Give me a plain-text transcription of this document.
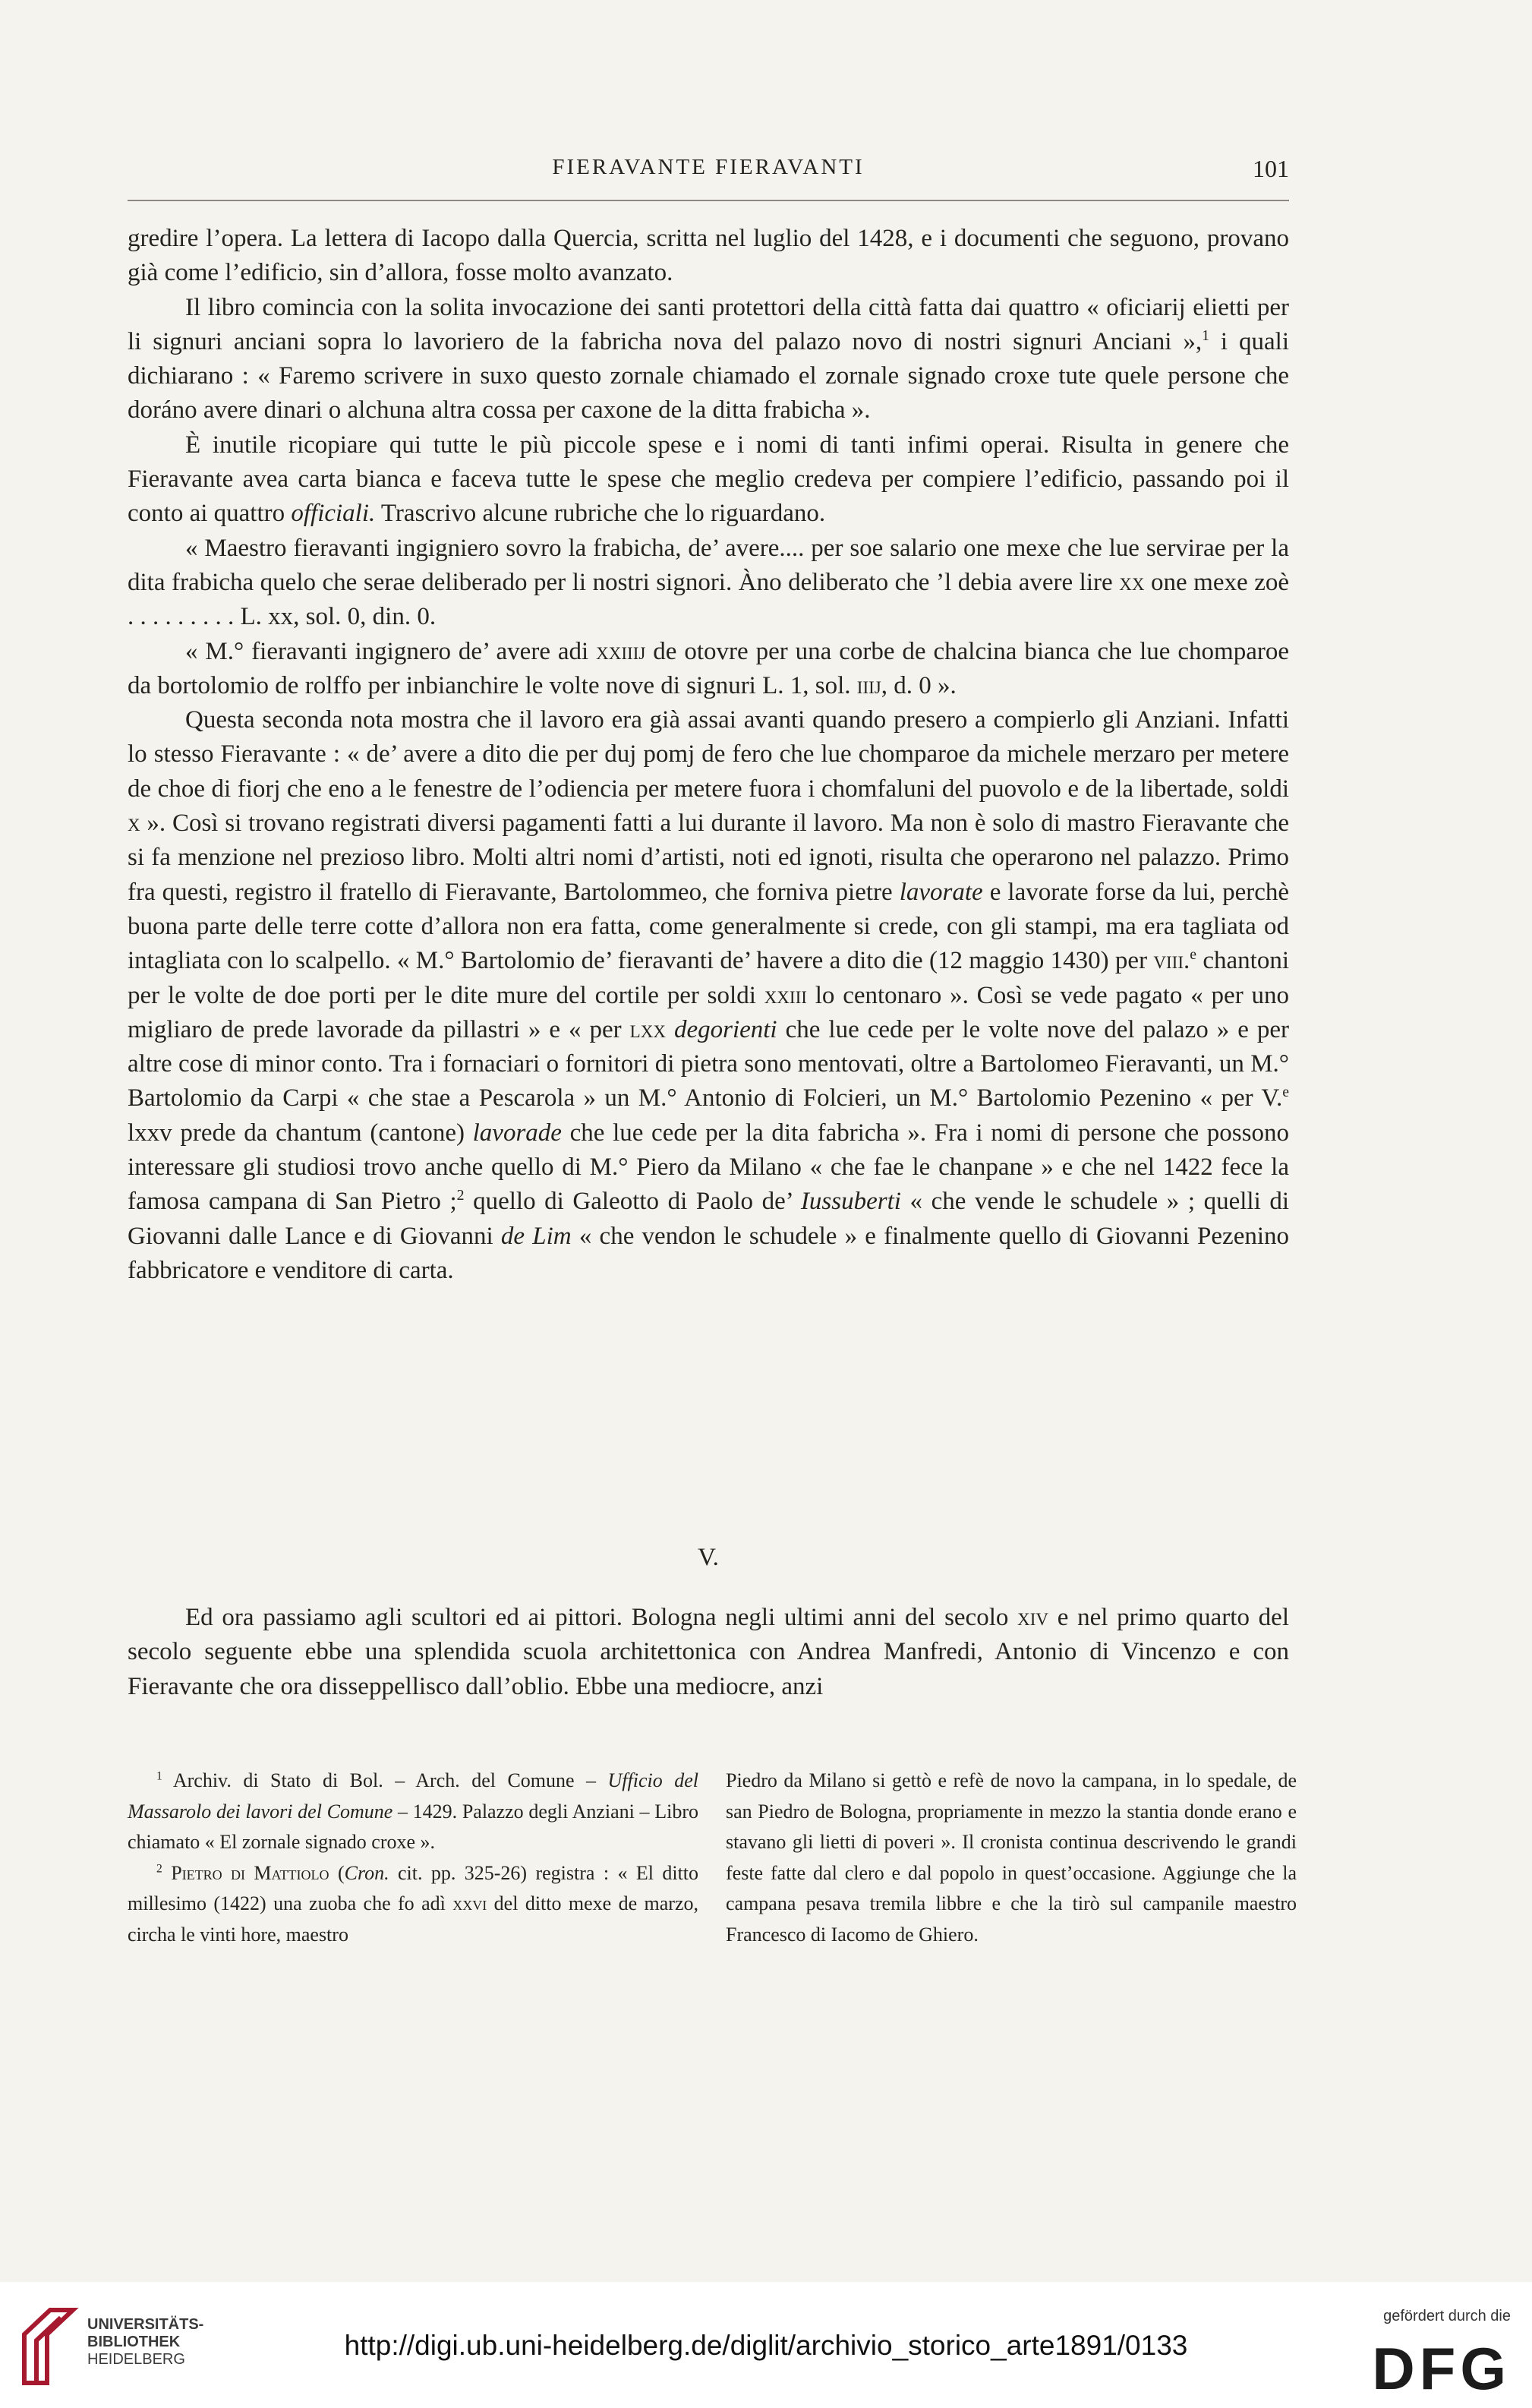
FIERAVANTE FIERAVANTI	101

gredire l’opera. La lettera di Iacopo dalla Quercia, scritta nel luglio del 1428, e i documenti che seguono, provano già come l’edificio, sin d’allora, fosse molto avanzato.

Il libro comincia con la solita invocazione dei santi protettori della città fatta dai quattro « oficiarij elietti per li signuri anciani sopra lo lavoriero de la fabricha nova del palazo novo di nostri signuri Anciani »,$^1$ i quali dichiarano : « Faremo scrivere in suxo questo zornale chiamado el zornale signado croxe tute quele persone che doráno avere dinari o alchuna altra cossa per caxone de la ditta frabicha ».

È inutile ricopiare qui tutte le più piccole spese e i nomi di tanti infimi operai. Risulta in genere che Fieravante avea carta bianca e faceva tutte le spese che meglio credeva per compiere l’edificio, passando poi il conto ai quattro officiali. Trascrivo alcune rubriche che lo riguardano.

« Maestro fieravanti ingigniero sovro la frabicha, de’ avere.... per soe salario one mexe che lue servirae per la dita frabicha quelo che serae deliberado per li nostri signori. Àno deliberato che ’l debia avere lire xx one mexe zoè . . . . . . . . . L. xx, sol. 0, din. 0.

« M.° fieravanti ingignero de’ avere adi xxiiij de otovre per una corbe de chalcina bianca che lue chomparoe da bortolomio de rolffo per inbianchire le volte nove di signuri L. 1, sol. iiij, d. 0 ».

Questa seconda nota mostra che il lavoro era già assai avanti quando presero a compierlo gli Anziani. Infatti lo stesso Fieravante : « de’ avere a dito die per duj pomj de fero che lue chomparoe da michele merzaro per metere de choe di fiorj che eno a le fenestre de l’odiencia per metere fuora i chomfaluni del puovolo e de la libertade, soldi x ». Così si trovano registrati diversi pagamenti fatti a lui durante il lavoro. Ma non è solo di mastro Fieravante che si fa menzione nel prezioso libro. Molti altri nomi d’artisti, noti ed ignoti, risulta che operarono nel palazzo. Primo fra questi, registro il fratello di Fieravante, Bartolommeo, che forniva pietre lavorate e lavorate forse da lui, perchè buona parte delle terre cotte d’allora non era fatta, come generalmente si crede, con gli stampi, ma era tagliata od intagliata con lo scalpello. « M.° Bartolomio de’ fieravanti de’ havere a dito die (12 maggio 1430) per viii.$^e$ chantoni per le volte de doe porti per le dite mure del cortile per soldi xxiii lo centonaro ». Così se vede pagato « per uno migliaro de prede lavorade da pillastri » e « per lxx degorienti che lue cede per le volte nove del palazo » e per altre cose di minor conto. Tra i fornaciari o fornitori di pietra sono mentovati, oltre a Bartolomeo Fieravanti, un M.° Bartolomio da Carpi « che stae a Pescarola » un M.° Antonio di Folcieri, un M.° Bartolomio Pezenino « per V.$^e$ lxxv prede da chantum (cantone) lavorade che lue cede per la dita fabricha ». Fra i nomi di persone che possono interessare gli studiosi trovo anche quello di M.° Piero da Milano « che fae le chanpane » e che nel 1422 fece la famosa campana di San Pietro ;$^2$ quello di Galeotto di Paolo de’ Iussuberti « che vende le schudele » ; quelli di Giovanni dalle Lance e di Giovanni de Lim « che vendon le schudele » e finalmente quello di Giovanni Pezenino fabbricatore e venditore di carta.

V.

Ed ora passiamo agli scultori ed ai pittori. Bologna negli ultimi anni del secolo xiv e nel primo quarto del secolo seguente ebbe una splendida scuola architettonica con Andrea Manfredi, Antonio di Vincenzo e con Fieravante che ora disseppellisco dall’oblio. Ebbe una mediocre, anzi

$^1$ Archiv. di Stato di Bol. – Arch. del Comune – Ufficio del Massarolo dei lavori del Comune – 1429. Palazzo degli Anziani – Libro chiamato « El zornale signado croxe ».

$^2$ Pietro di Mattiolo (Cron. cit. pp. 325-26) registra : « El ditto millesimo (1422) una zuoba che fo adì xxvi del ditto mexe de marzo, circha le vinti hore, maestro

Piedro da Milano si gettò e refè de novo la campana, in lo spedale, de san Piedro de Bologna, propriamente in mezzo la stantia donde erano e stavano gli lietti di poveri ». Il cronista continua descrivendo le grandi feste fatte dal clero e dal popolo in quest’occasione. Aggiunge che la campana pesava tremila libbre e che la tirò sul campanile maestro Francesco di Iacomo de Ghiero.

UNIVERSITÄTS-
BIBLIOTHEK
HEIDELBERG	http://digi.ub.uni-heidelberg.de/diglit/archivio_storico_arte1891/0133
gefördert durch die
DFG
